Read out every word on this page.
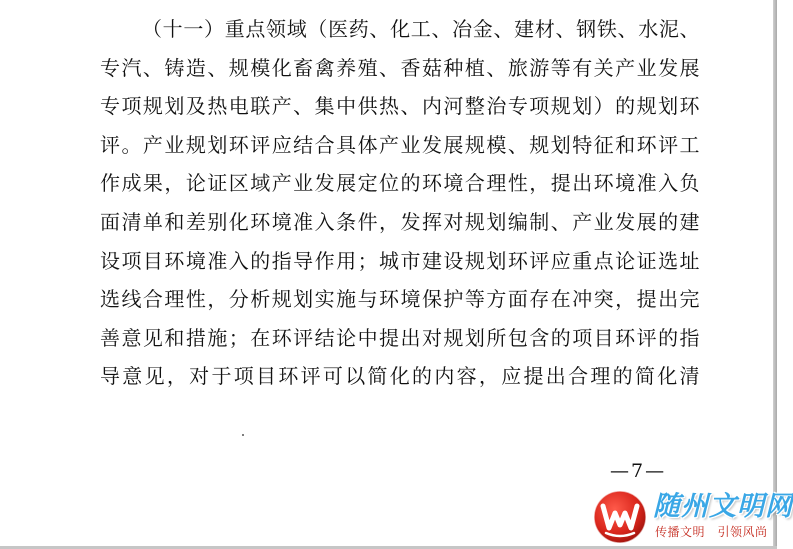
（十一）重点领域（医药、化工、冶金、建材、钢铁、水泥、
专汽、铸造、规模化畜禽养殖、香菇种植、旅游等有关产业发展
专项规划及热电联产、集中供热、内河整治专项规划）的规划环
评。产业规划环评应结合具体产业发展规模、规划特征和环评工
作成果，论证区域产业发展定位的环境合理性，提出环境准入负
面清单和差别化环境准入条件，发挥对规划编制、产业发展的建
设项目环境准入的指导作用；城市建设规划环评应重点论证选址
选线合理性，分析规划实施与环境保护等方面存在冲突，提出完
善意见和措施；在环评结论中提出对规划所包含的项目环评的指
导意见，对于项目环评可以简化的内容，应提出合理的简化清
—7—
随州文明网
传播文明　引领风尚
